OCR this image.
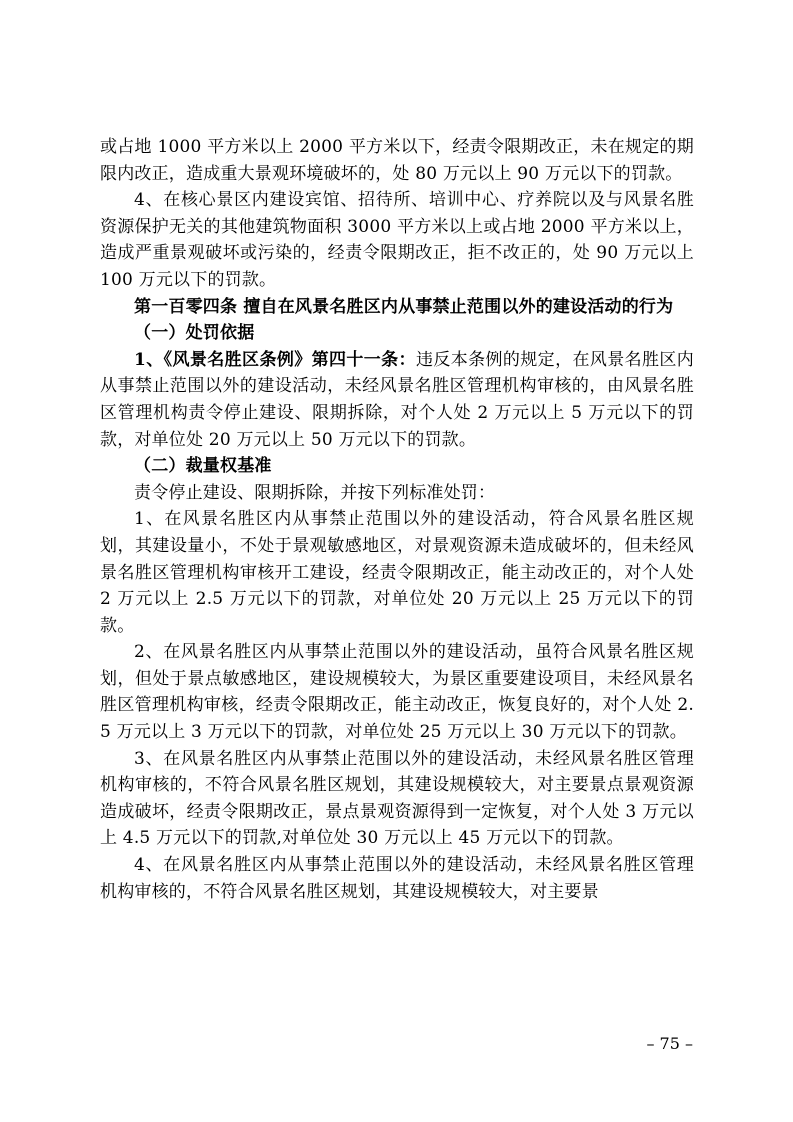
或占地 1000 平方米以上 2000 平方米以下，经责令限期改正，未在规定的期限内改正，造成重大景观环境破坏的，处 80 万元以上 90 万元以下的罚款。

4、在核心景区内建设宾馆、招待所、培训中心、疗养院以及与风景名胜资源保护无关的其他建筑物面积 3000 平方米以上或占地 2000 平方米以上，造成严重景观破坏或污染的，经责令限期改正，拒不改正的，处 90 万元以上 100 万元以下的罚款。

第一百零四条 擅自在风景名胜区内从事禁止范围以外的建设活动的行为

（一）处罚依据

1、《风景名胜区条例》第四十一条：违反本条例的规定，在风景名胜区内从事禁止范围以外的建设活动，未经风景名胜区管理机构审核的，由风景名胜区管理机构责令停止建设、限期拆除，对个人处 2 万元以上 5 万元以下的罚款，对单位处 20 万元以上 50 万元以下的罚款。

（二）裁量权基准

责令停止建设、限期拆除，并按下列标准处罚：

1、在风景名胜区内从事禁止范围以外的建设活动，符合风景名胜区规划，其建设量小，不处于景观敏感地区，对景观资源未造成破坏的，但未经风景名胜区管理机构审核开工建设，经责令限期改正，能主动改正的，对个人处 2 万元以上 2.5 万元以下的罚款，对单位处 20 万元以上 25 万元以下的罚款。

2、在风景名胜区内从事禁止范围以外的建设活动，虽符合风景名胜区规划，但处于景点敏感地区，建设规模较大，为景区重要建设项目，未经风景名胜区管理机构审核，经责令限期改正，能主动改正，恢复良好的，对个人处 2.5 万元以上 3 万元以下的罚款，对单位处 25 万元以上 30 万元以下的罚款。

3、在风景名胜区内从事禁止范围以外的建设活动，未经风景名胜区管理机构审核的，不符合风景名胜区规划，其建设规模较大，对主要景点景观资源造成破坏，经责令限期改正，景点景观资源得到一定恢复，对个人处 3 万元以上 4.5 万元以下的罚款,对单位处 30 万元以上 45 万元以下的罚款。

4、在风景名胜区内从事禁止范围以外的建设活动，未经风景名胜区管理机构审核的，不符合风景名胜区规划，其建设规模较大，对主要景

– 75 –
